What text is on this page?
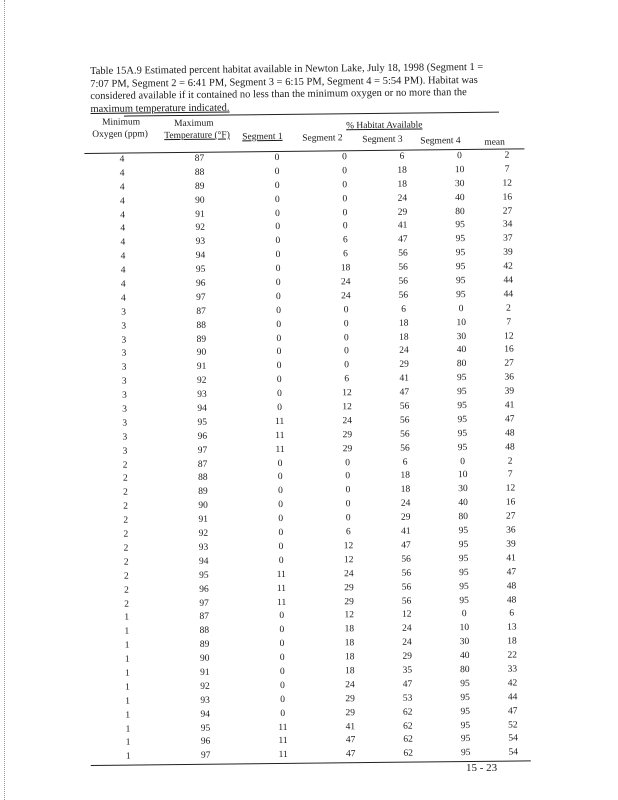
Table 15A.9 Estimated percent habitat available in Newton Lake, July 18, 1998 (Segment 1 =
7:07 PM, Segment 2 = 6:41 PM, Segment 3 = 6:15 PM, Segment 4 = 5:54 PM). Habitat was
considered available if it contained no less than the minimum oxygen or no more than the
maximum temperature indicated.
Minimum
Oxygen (ppm)
Maximum
Temperature (°F)
% Habitat Available
Segment 1 Segment 2 Segment 3 Segment 4 mean
4	87	0	0	6	0	2
4	88	0	0	18	10	7
4	89	0	0	18	30	12
4	90	0	0	24	40	16
4	91	0	0	29	80	27
4	92	0	0	41	95	34
4	93	0	6	47	95	37
4	94	0	6	56	95	39
4	95	0	18	56	95	42
4	96	0	24	56	95	44
4	97	0	24	56	95	44
3	87	0	0	6	0	2
3	88	0	0	18	10	7
3	89	0	0	18	30	12
3	90	0	0	24	40	16
3	91	0	0	29	80	27
3	92	0	6	41	95	36
3	93	0	12	47	95	39
3	94	0	12	56	95	41
3	95	11	24	56	95	47
3	96	11	29	56	95	48
3	97	11	29	56	95	48
2	87	0	0	6	0	2
2	88	0	0	18	10	7
2	89	0	0	18	30	12
2	90	0	0	24	40	16
2	91	0	0	29	80	27
2	92	0	6	41	95	36
2	93	0	12	47	95	39
2	94	0	12	56	95	41
2	95	11	24	56	95	47
2	96	11	29	56	95	48
2	97	11	29	56	95	48
1	87	0	12	12	0	6
1	88	0	18	24	10	13
1	89	0	18	24	30	18
1	90	0	18	29	40	22
1	91	0	18	35	80	33
1	92	0	24	47	95	42
1	93	0	29	53	95	44
1	94	0	29	62	95	47
1	95	11	41	62	95	52
1	96	11	47	62	95	54
1	97	11	47	62	95	54
15 - 23
